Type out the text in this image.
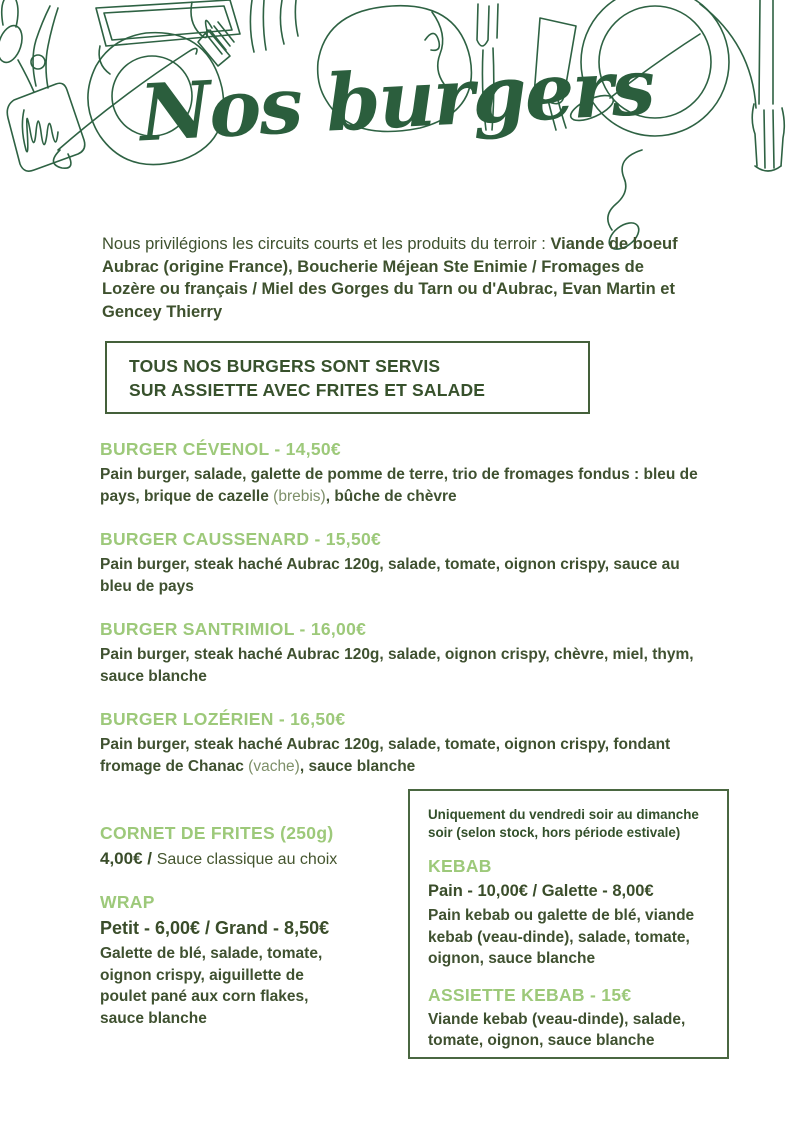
Nos burgers
Nous privilégions les circuits courts et les produits du terroir : Viande de boeuf Aubrac (origine France), Boucherie Méjean Ste Enimie / Fromages de Lozère ou français / Miel des Gorges du Tarn ou d'Aubrac, Evan Martin et Gencey Thierry
TOUS NOS BURGERS SONT SERVIS
SUR ASSIETTE AVEC FRITES ET SALADE
BURGER CÉVENOL - 14,50€
Pain burger, salade, galette de pomme de terre, trio de fromages fondus : bleu de pays, brique de cazelle (brebis), bûche de chèvre
BURGER CAUSSENARD - 15,50€
Pain burger, steak haché Aubrac 120g, salade, tomate, oignon crispy, sauce au bleu de pays
BURGER SANTRIMIOL - 16,00€
Pain burger, steak haché Aubrac 120g, salade, oignon crispy, chèvre, miel, thym, sauce blanche
BURGER LOZÉRIEN - 16,50€
Pain burger, steak haché Aubrac 120g, salade, tomate, oignon crispy, fondant fromage de Chanac (vache), sauce blanche
CORNET DE FRITES (250g)
4,00€ / Sauce classique au choix
WRAP
Petit - 6,00€ / Grand - 8,50€
Galette de blé, salade, tomate, oignon crispy, aiguillette de poulet pané aux corn flakes, sauce blanche
Uniquement du vendredi soir au dimanche soir (selon stock, hors période estivale)
KEBAB
Pain - 10,00€ / Galette - 8,00€
Pain kebab ou galette de blé, viande kebab (veau-dinde), salade, tomate, oignon, sauce blanche
ASSIETTE KEBAB - 15€
Viande kebab (veau-dinde), salade, tomate, oignon, sauce blanche
